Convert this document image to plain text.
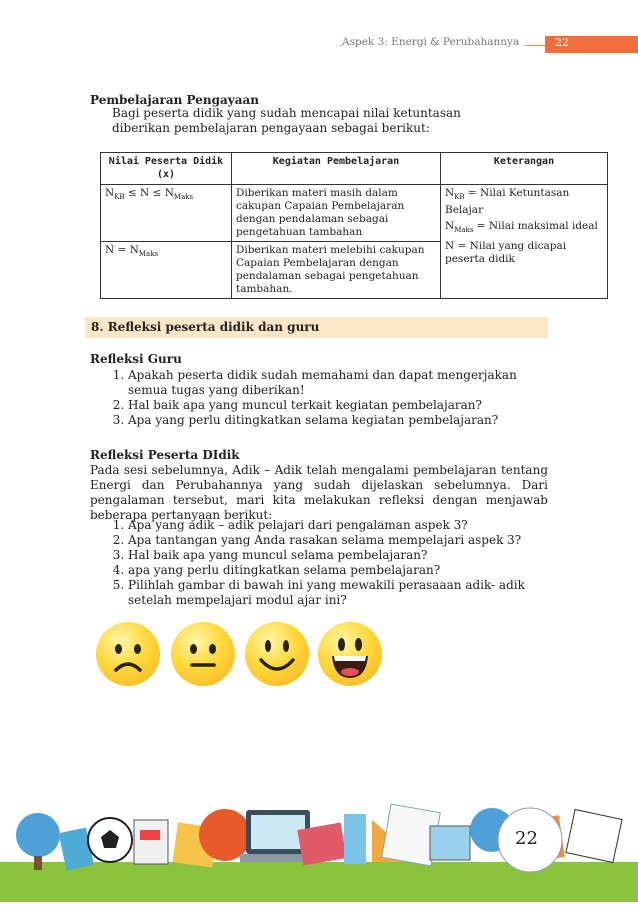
Aspek 3: Energi & Perubahannya	22
Pembelajaran Pengayaan
Bagi peserta didik yang sudah mencapai nilai ketuntasan diberikan pembelajaran pengayaan sebagai berikut:
Nilai Peserta Didik (x)	Kegiatan Pembelajaran	Keterangan
$N_{KB} \le N \le N_{Maks}$	Diberikan materi masih dalam cakupan Capaian Pembelajaran dengan pendalaman sebagai pengetahuan tambahan	$N_{KB}$ = Nilai Ketuntasan Belajar

$N_{Maks}$ = Nilai maksimal ideal

N = Nilai yang dicapai peserta didik

$N = N_{Maks}$	Diberikan materi melebihi cakupan Capaian Pembelajaran dengan pendalaman sebagai pengetahuan tambahan.	
8. Refleksi peserta didik dan guru
Refleksi Guru
1. Apakah peserta didik sudah memahami dan dapat mengerjakan semua tugas yang diberikan!
2. Hal baik apa yang muncul terkait kegiatan pembelajaran?
3. Apa yang perlu ditingkatkan selama kegiatan pembelajaran?
Refleksi Peserta DIdik
Pada sesi sebelumnya, Adik – Adik telah mengalami pembelajaran tentang Energi dan Perubahannya yang sudah dijelaskan sebelumnya. Dari pengalaman tersebut, mari kita melakukan refleksi dengan menjawab beberapa pertanyaan berikut:
1. Apa yang adik – adik pelajari dari pengalaman aspek 3?
2. Apa tantangan yang Anda rasakan selama mempelajari aspek 3?
3. Hal baik apa yang muncul selama pembelajaran?
4. apa yang perlu ditingkatkan selama pembelajaran?
5. Pilihlah gambar di bawah ini yang mewakili perasaaan adik- adik setelah mempelajari modul ajar ini?
22
